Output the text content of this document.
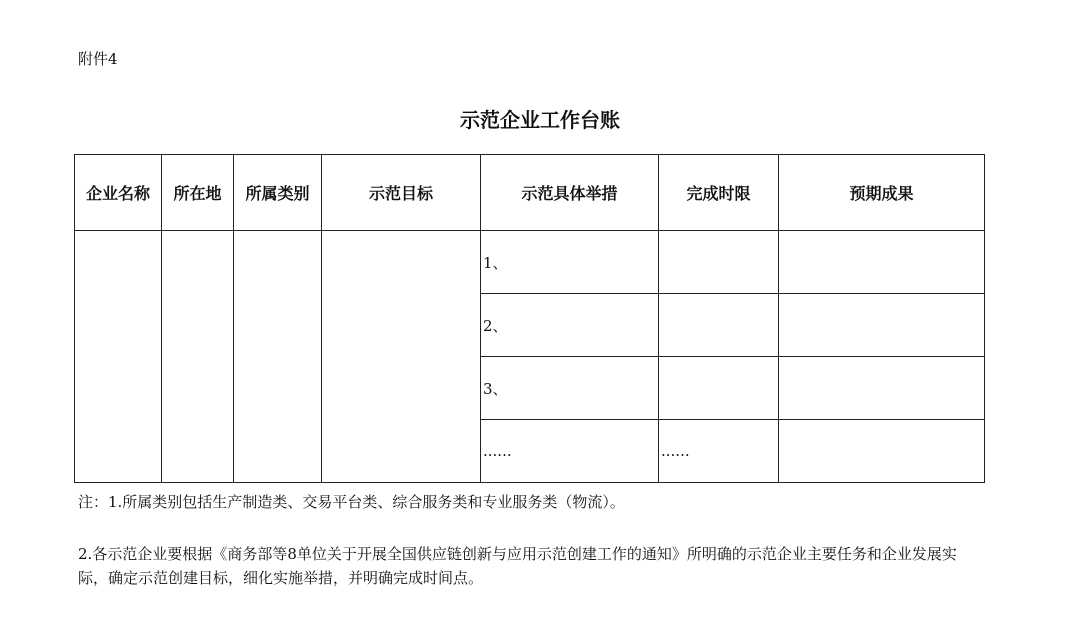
附件4
示范企业工作台账
企业名称	所在地	所属类别	示范目标	示范具体举措	完成时限	预期成果
				1、		
				2、		
				3、		
				......	......	
注：1.所属类别包括生产制造类、交易平台类、综合服务类和专业服务类（物流）。
2.各示范企业要根据《商务部等8单位关于开展全国供应链创新与应用示范创建工作的通知》所明确的示范企业主要任务和企业发展实际，确定示范创建目标，细化实施举措，并明确完成时间点。
